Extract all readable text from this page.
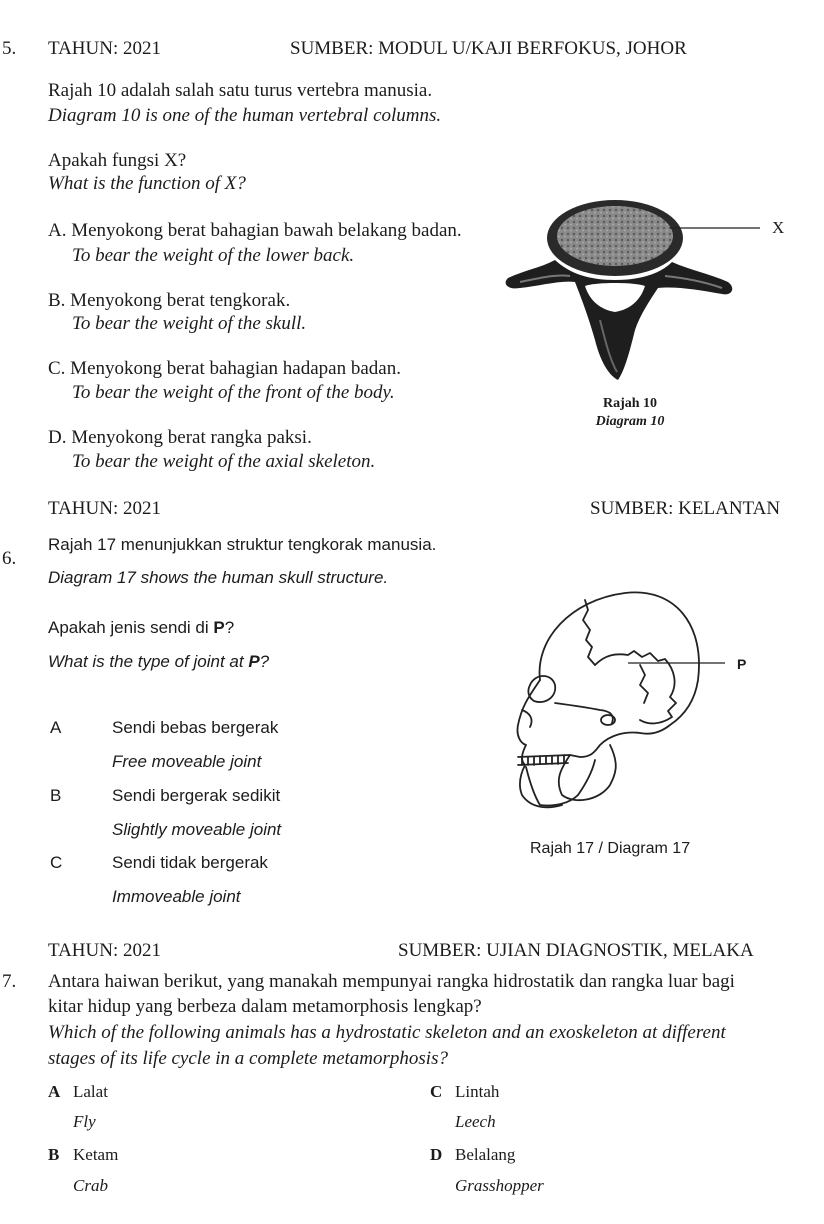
5. TAHUN: 2021	SUMBER: MODUL U/KAJI BERFOKUS, JOHOR
Rajah 10 adalah salah satu turus vertebra manusia.
Diagram 10 is one of the human vertebral columns.
Apakah fungsi X?
What is the function of X?
A. Menyokong berat bahagian bawah belakang badan.
To bear the weight of the lower back.
B. Menyokong berat tengkorak.
To bear the weight of the skull.
C. Menyokong berat bahagian hadapan badan.
To bear the weight of the front of the body.
D. Menyokong berat rangka paksi.
To bear the weight of the axial skeleton.
X
Rajah 10
Diagram 10
TAHUN: 2021	SUMBER: KELANTAN
6.
Rajah 17 menunjukkan struktur tengkorak manusia.
Diagram 17 shows the human skull structure.
Apakah jenis sendi di P?
What is the type of joint at P?
A	Sendi bebas bergerak
Free moveable joint
B	Sendi bergerak sedikit
Slightly moveable joint
C	Sendi tidak bergerak
Immoveable joint
P
Rajah 17 / Diagram 17
TAHUN: 2021	SUMBER: UJIAN DIAGNOSTIK, MELAKA
7. Antara haiwan berikut, yang manakah mempunyai rangka hidrostatik dan rangka luar bagi
kitar hidup yang berbeza dalam metamorphosis lengkap?
Which of the following animals has a hydrostatic skeleton and an exoskeleton at different
stages of its life cycle in a complete metamorphosis?
A Lalat
Fly
B Ketam
Crab
C Lintah
Leech
D Belalang
Grasshopper
